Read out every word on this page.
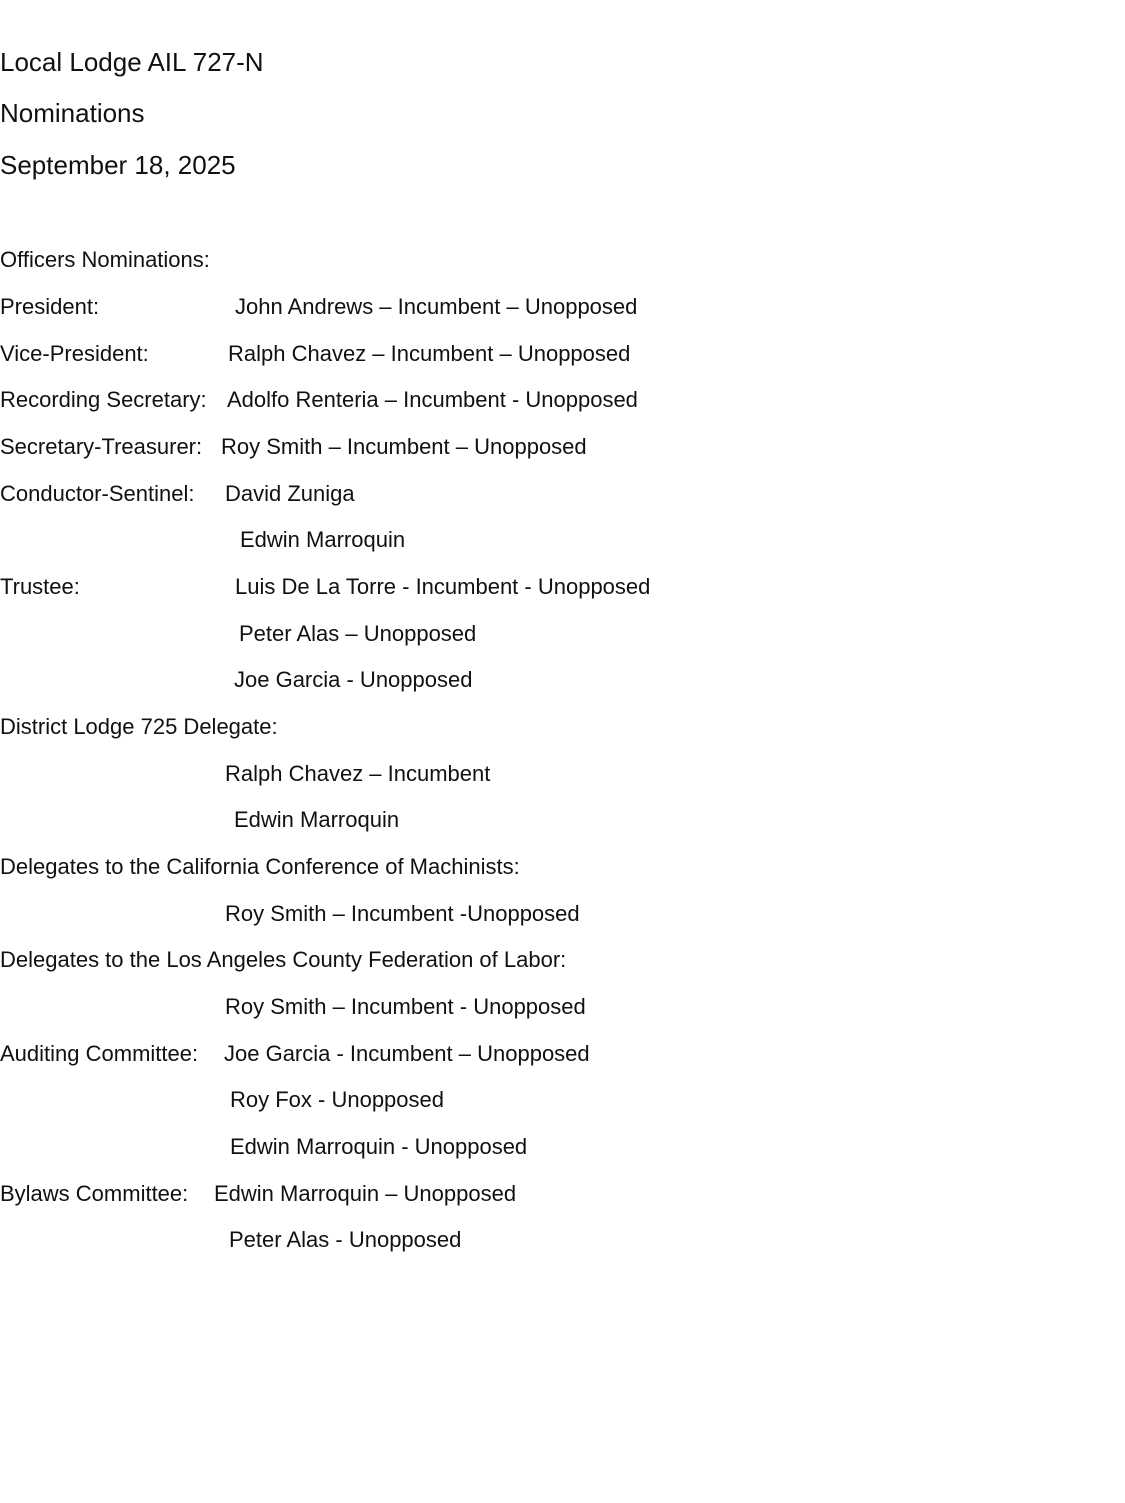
Local Lodge AIL 727-N
Nominations
September 18, 2025
Officers Nominations:
President:	John Andrews – Incumbent – Unopposed
Vice-President:	Ralph Chavez – Incumbent – Unopposed
Recording Secretary: Adolfo Renteria – Incumbent - Unopposed
Secretary-Treasurer: Roy Smith – Incumbent – Unopposed
Conductor-Sentinel: David Zuniga
Edwin Marroquin
Trustee:	Luis De La Torre - Incumbent - Unopposed
Peter Alas – Unopposed
Joe Garcia - Unopposed
District Lodge 725 Delegate:
Ralph Chavez – Incumbent
Edwin Marroquin
Delegates to the California Conference of Machinists:
Roy Smith – Incumbent -Unopposed
Delegates to the Los Angeles County Federation of Labor:
Roy Smith – Incumbent - Unopposed
Auditing Committee: Joe Garcia - Incumbent – Unopposed
Roy Fox - Unopposed
Edwin Marroquin - Unopposed
Bylaws Committee: Edwin Marroquin – Unopposed
Peter Alas - Unopposed
